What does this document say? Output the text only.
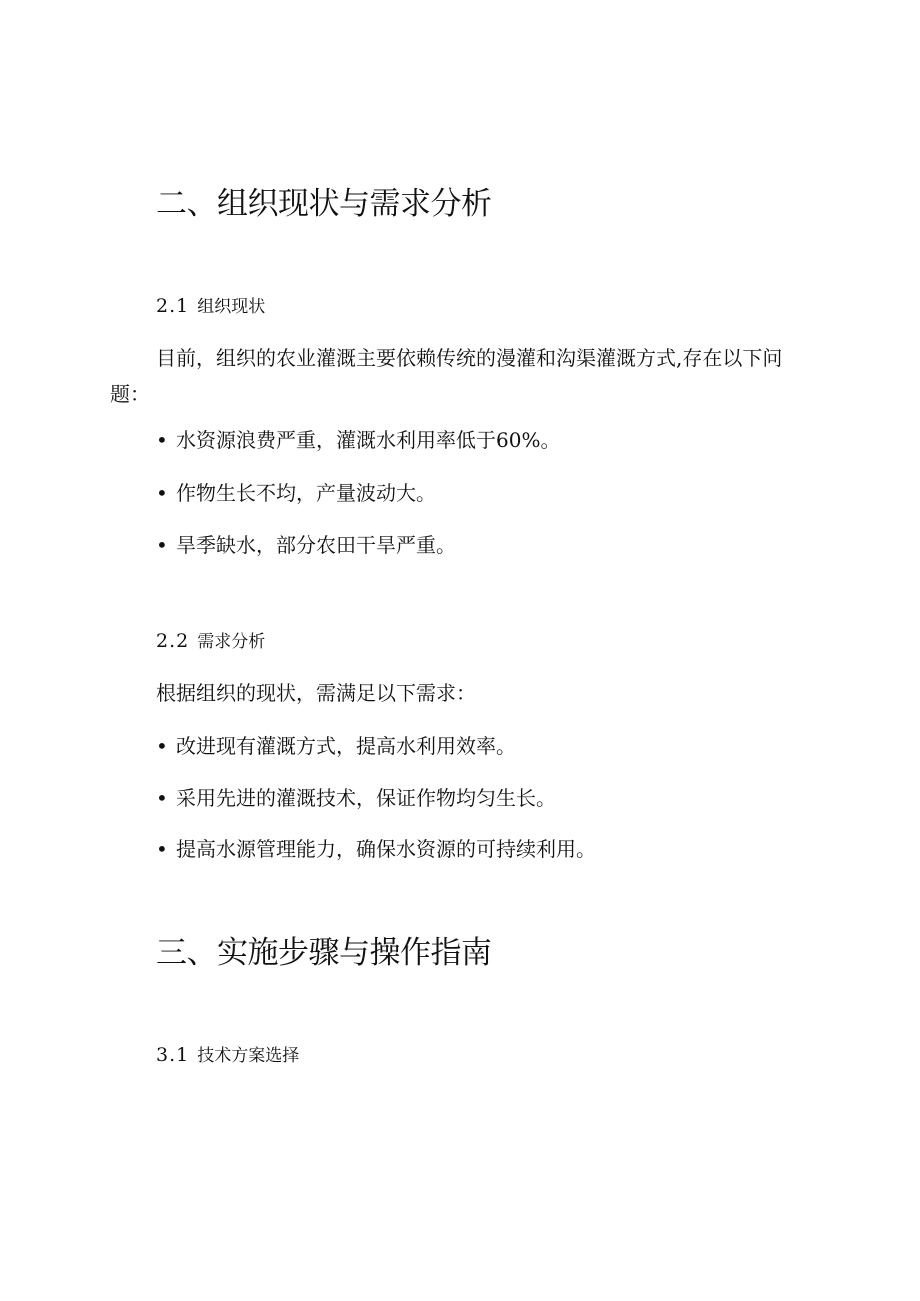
二、组织现状与需求分析
2.1 组织现状

目前，组织的农业灌溉主要依赖传统的漫灌和沟渠灌溉方式,存在以下问题：

• 水资源浪费严重，灌溉水利用率低于60%。

• 作物生长不均，产量波动大。

• 旱季缺水，部分农田干旱严重。

2.2 需求分析

根据组织的现状，需满足以下需求：

• 改进现有灌溉方式，提高水利用效率。

• 采用先进的灌溉技术，保证作物均匀生长。

• 提高水源管理能力，确保水资源的可持续利用。

三、实施步骤与操作指南
3.1 技术方案选择
